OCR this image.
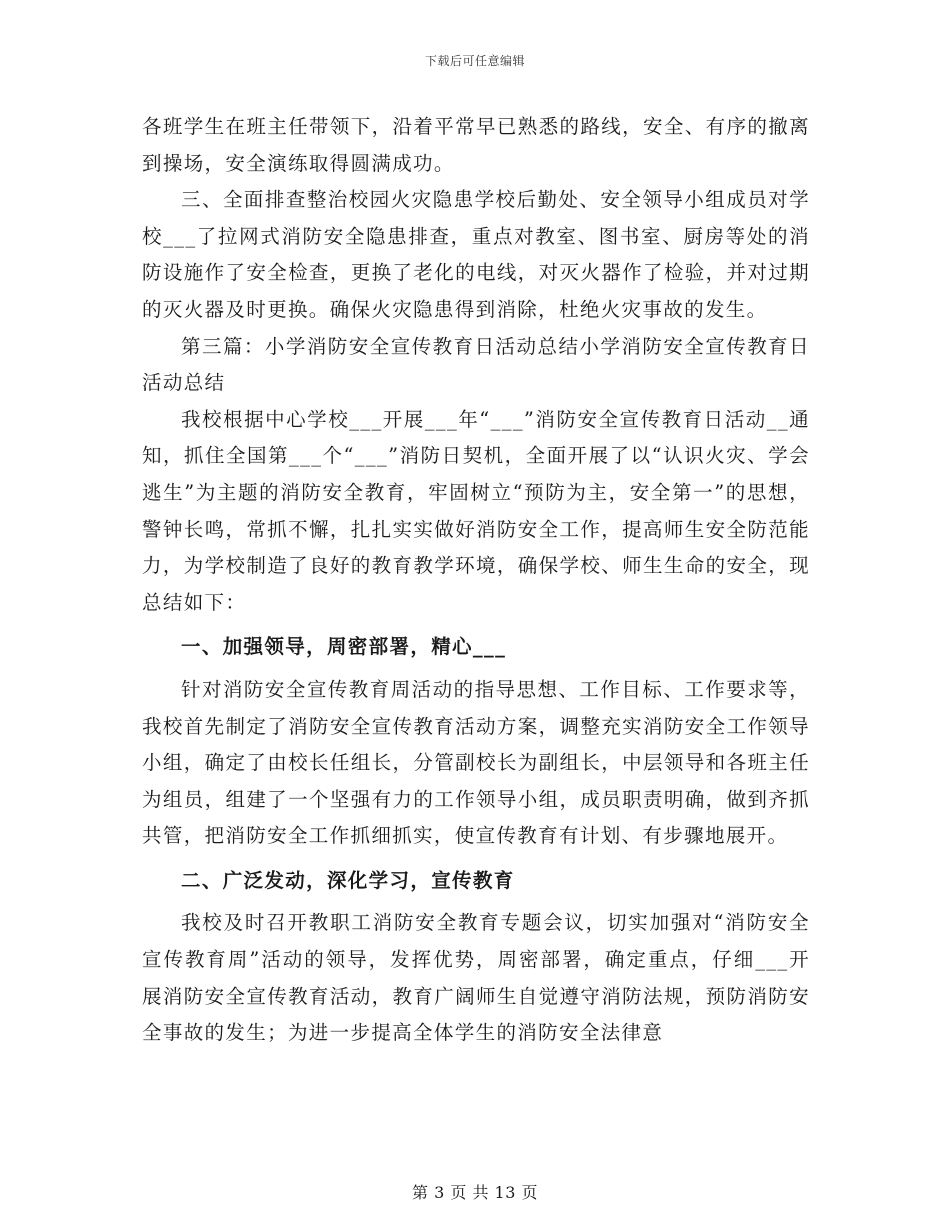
下载后可任意编辑

各班学生在班主任带领下，沿着平常早已熟悉的路线，安全、有序的撤离到操场，安全演练取得圆满成功。

三、全面排查整治校园火灾隐患学校后勤处、安全领导小组成员对学校___了拉网式消防安全隐患排查，重点对教室、图书室、厨房等处的消防设施作了安全检查，更换了老化的电线，对灭火器作了检验，并对过期的灭火器及时更换。确保火灾隐患得到消除，杜绝火灾事故的发生。

第三篇：小学消防安全宣传教育日活动总结小学消防安全宣传教育日活动总结

我校根据中心学校___开展___年“___”消防安全宣传教育日活动__通知，抓住全国第___个“___”消防日契机，全面开展了以“认识火灾、学会逃生”为主题的消防安全教育，牢固树立“预防为主，安全第一”的思想，警钟长鸣，常抓不懈，扎扎实实做好消防安全工作，提高师生安全防范能力，为学校制造了良好的教育教学环境，确保学校、师生生命的安全，现总结如下：

一、加强领导，周密部署，精心___

针对消防安全宣传教育周活动的指导思想、工作目标、工作要求等，我校首先制定了消防安全宣传教育活动方案，调整充实消防安全工作领导小组，确定了由校长任组长，分管副校长为副组长，中层领导和各班主任为组员，组建了一个坚强有力的工作领导小组，成员职责明确，做到齐抓共管，把消防安全工作抓细抓实，使宣传教育有计划、有步骤地展开。

二、广泛发动，深化学习，宣传教育

我校及时召开教职工消防安全教育专题会议，切实加强对“消防安全宣传教育周”活动的领导，发挥优势，周密部署，确定重点，仔细___开展消防安全宣传教育活动，教育广阔师生自觉遵守消防法规，预防消防安全事故的发生；为进一步提高全体学生的消防安全法律意

第 3 页 共 13 页
